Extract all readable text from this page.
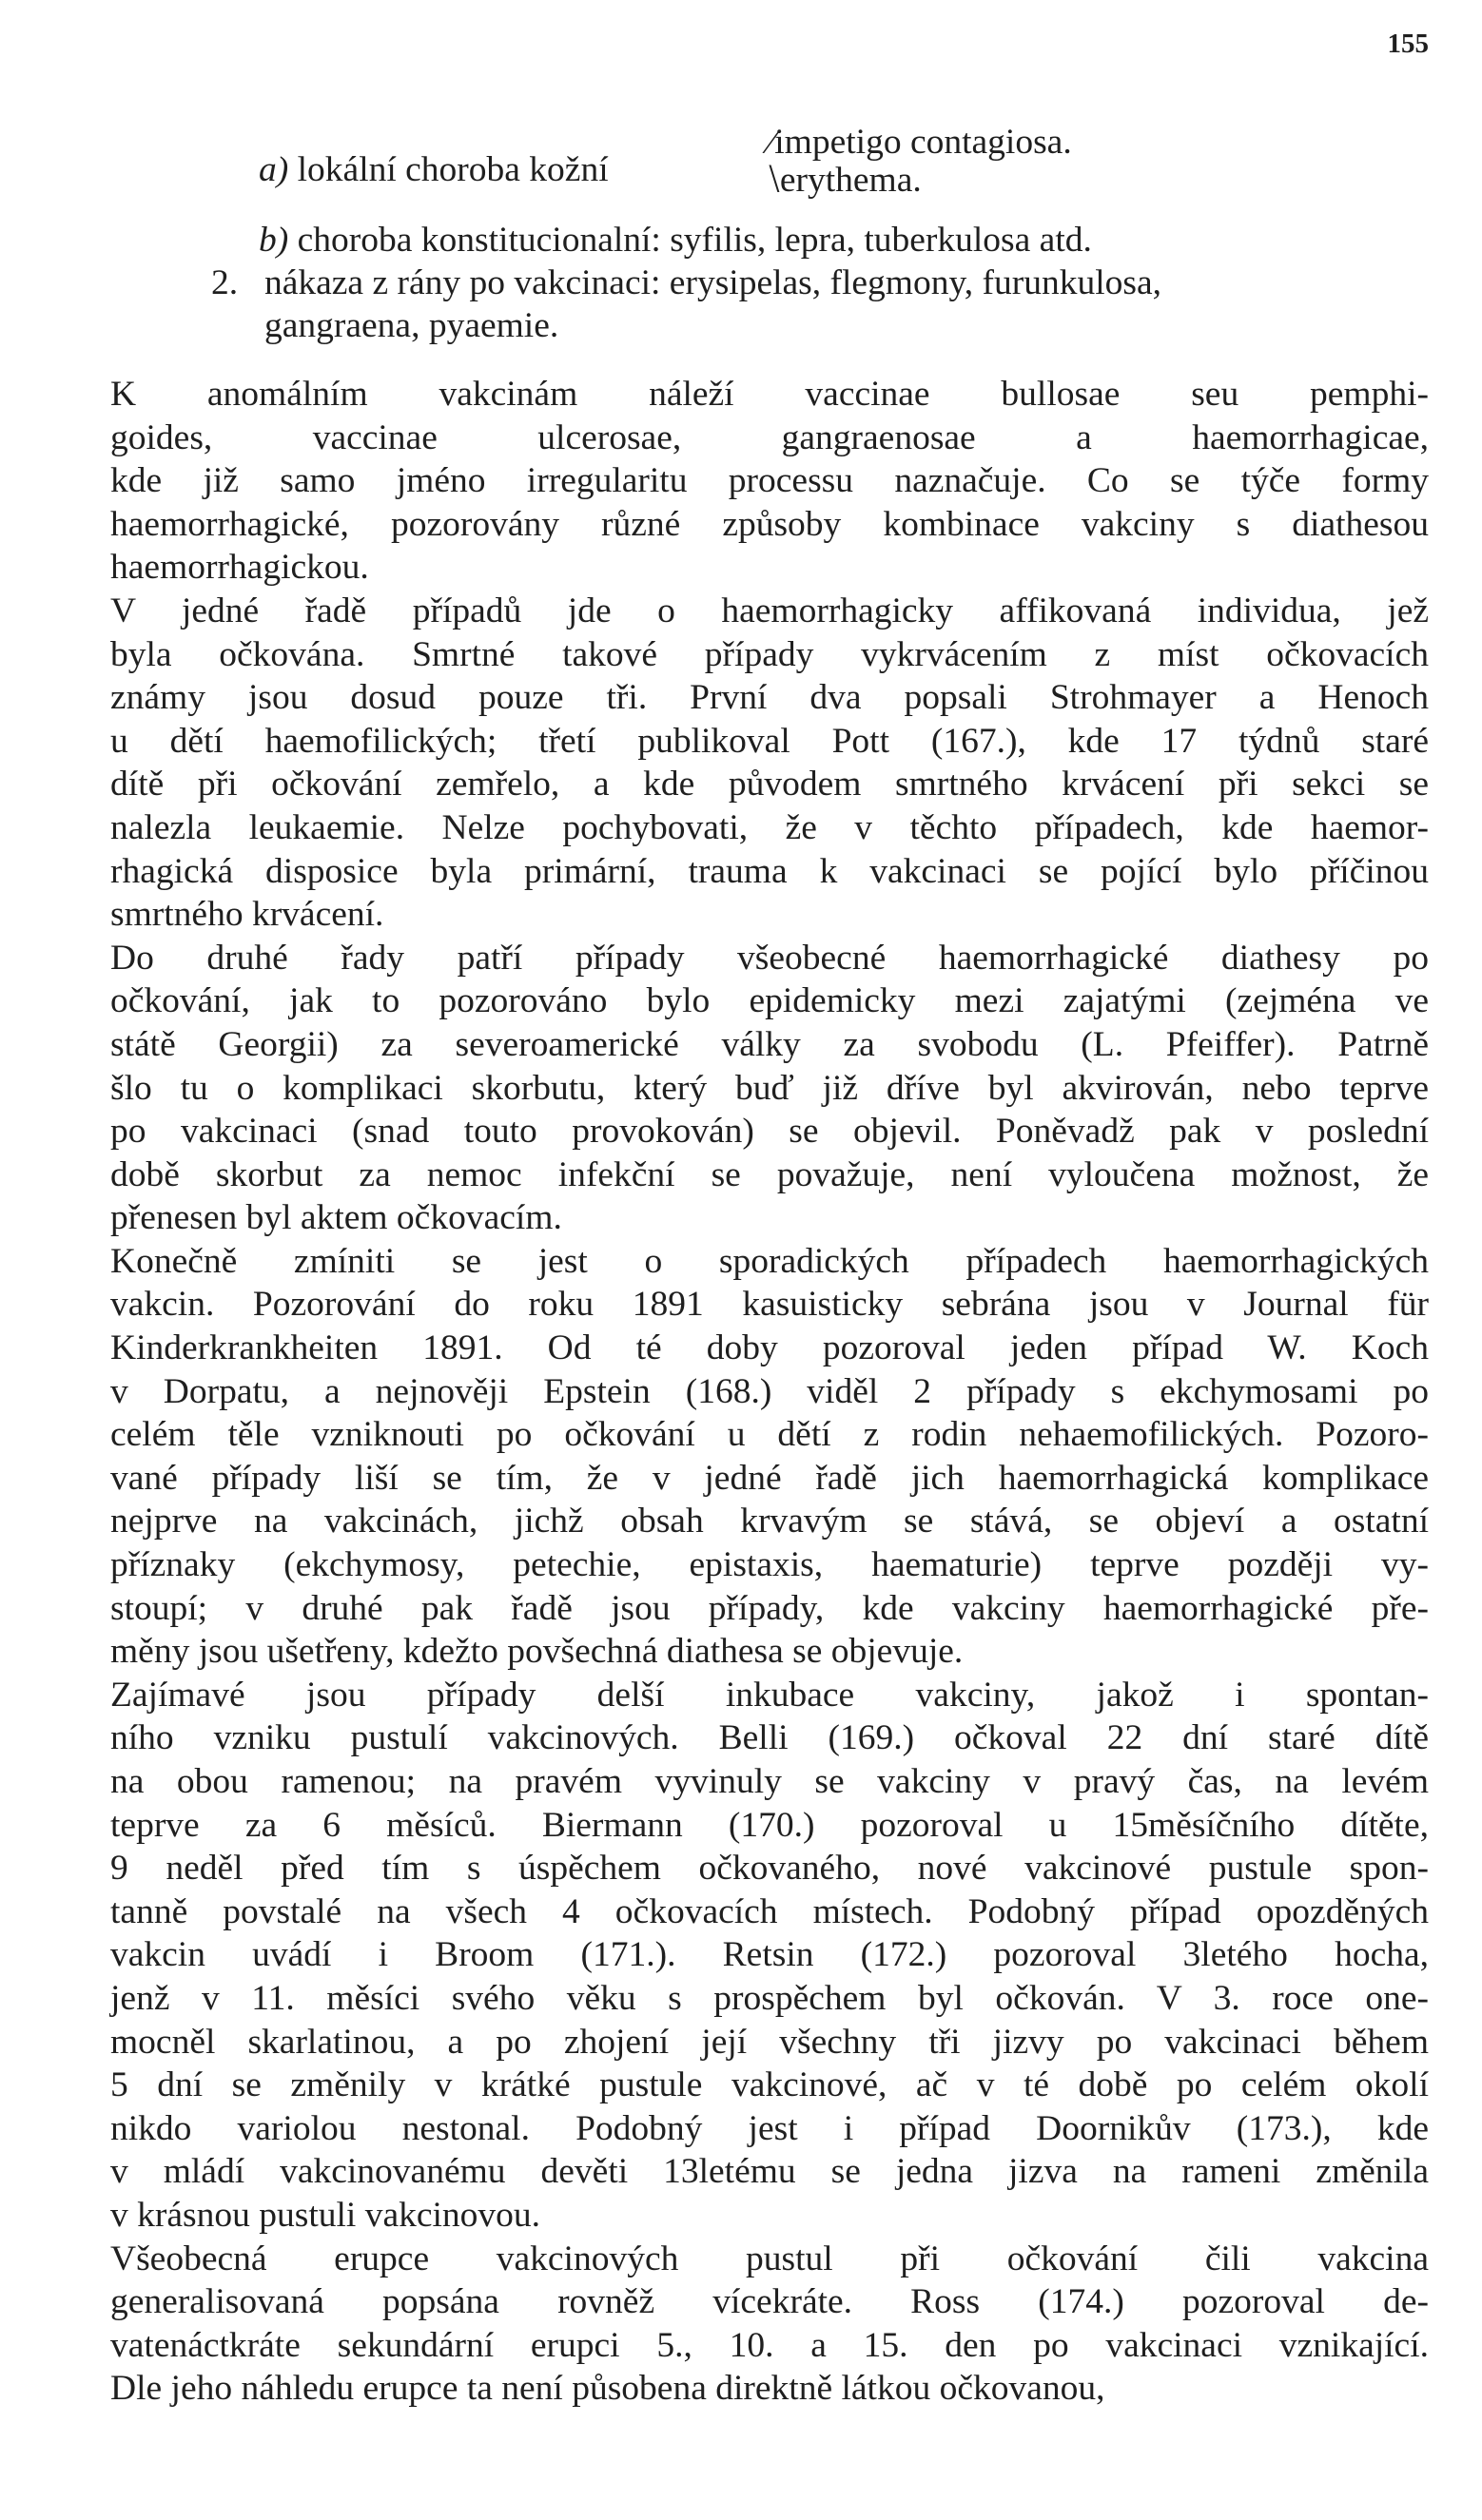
155
a) lokální choroba kožní
⁄impetigo contagiosa.
⧵erythema.
b) choroba konstitucionalní: syfilis, lepra, tuberkulosa atd.
2. nákaza z rány po vakcinaci: erysipelas, flegmony, furunkulosa,
gangraena, pyaemie.

K anomálním vakcinám náleží vaccinae bullosae seu pemphi-
goides, vaccinae ulcerosae, gangraenosae a haemorrhagicae,
kde již samo jméno irregularitu processu naznačuje. Co se týče formy
haemorrhagické, pozorovány různé způsoby kombinace vakciny s diathesou
haemorrhagickou.

V jedné řadě případů jde o haemorrhagicky affikovaná individua, jež
byla očkována. Smrtné takové případy vykrvácením z míst očkovacích
známy jsou dosud pouze tři. První dva popsali Strohmayer a Henoch
u dětí haemofilických; třetí publikoval Pott (167.), kde 17 týdnů staré
dítě při očkování zemřelo, a kde původem smrtného krvácení při sekci se
nalezla leukaemie. Nelze pochybovati, že v těchto případech, kde haemor-
rhagická disposice byla primární, trauma k vakcinaci se pojící bylo příčinou
smrtného krvácení.

Do druhé řady patří případy všeobecné haemorrhagické diathesy po
očkování, jak to pozorováno bylo epidemicky mezi zajatými (zejména ve
státě Georgii) za severoamerické války za svobodu (L. Pfeiffer). Patrně
šlo tu o komplikaci skorbutu, který buď již dříve byl akvirován, nebo teprve
po vakcinaci (snad touto provokován) se objevil. Poněvadž pak v poslední
době skorbut za nemoc infekční se považuje, není vyloučena možnost, že
přenesen byl aktem očkovacím.

Konečně zmíniti se jest o sporadických případech haemorrhagických
vakcin. Pozorování do roku 1891 kasuisticky sebrána jsou v Journal für
Kinderkrankheiten 1891. Od té doby pozoroval jeden případ W. Koch
v Dorpatu, a nejnověji Epstein (168.) viděl 2 případy s ekchymosami po
celém těle vzniknouti po očkování u dětí z rodin nehaemofilických. Pozoro-
vané případy liší se tím, že v jedné řadě jich haemorrhagická komplikace
nejprve na vakcinách, jichž obsah krvavým se stává, se objeví a ostatní
příznaky (ekchymosy, petechie, epistaxis, haematurie) teprve později vy-
stoupí; v druhé pak řadě jsou případy, kde vakciny haemorrhagické pře-
měny jsou ušetřeny, kdežto povšechná diathesa se objevuje.

Zajímavé jsou případy delší inkubace vakciny, jakož i spontan-
ního vzniku pustulí vakcinových. Belli (169.) očkoval 22 dní staré dítě
na obou ramenou; na pravém vyvinuly se vakciny v pravý čas, na levém
teprve za 6 měsíců. Biermann (170.) pozoroval u 15měsíčního dítěte,
9 neděl před tím s úspěchem očkovaného, nové vakcinové pustule spon-
tanně povstalé na všech 4 očkovacích místech. Podobný případ opozděných
vakcin uvádí i Broom (171.). Retsin (172.) pozoroval 3letého hocha,
jenž v 11. měsíci svého věku s prospěchem byl očkován. V 3. roce one-
mocněl skarlatinou, a po zhojení její všechny tři jizvy po vakcinaci během
5 dní se změnily v krátké pustule vakcinové, ač v té době po celém okolí
nikdo variolou nestonal. Podobný jest i případ Doornikův (173.), kde
v mládí vakcinovanému devěti 13letému se jedna jizva na rameni změnila
v krásnou pustuli vakcinovou.

Všeobecná erupce vakcinových pustul při očkování čili vakcina
generalisovaná popsána rovněž vícekráte. Ross (174.) pozoroval de-
vatenáctkráte sekundární erupci 5., 10. a 15. den po vakcinaci vznikající.
Dle jeho náhledu erupce ta není působena direktně látkou očkovanou,
